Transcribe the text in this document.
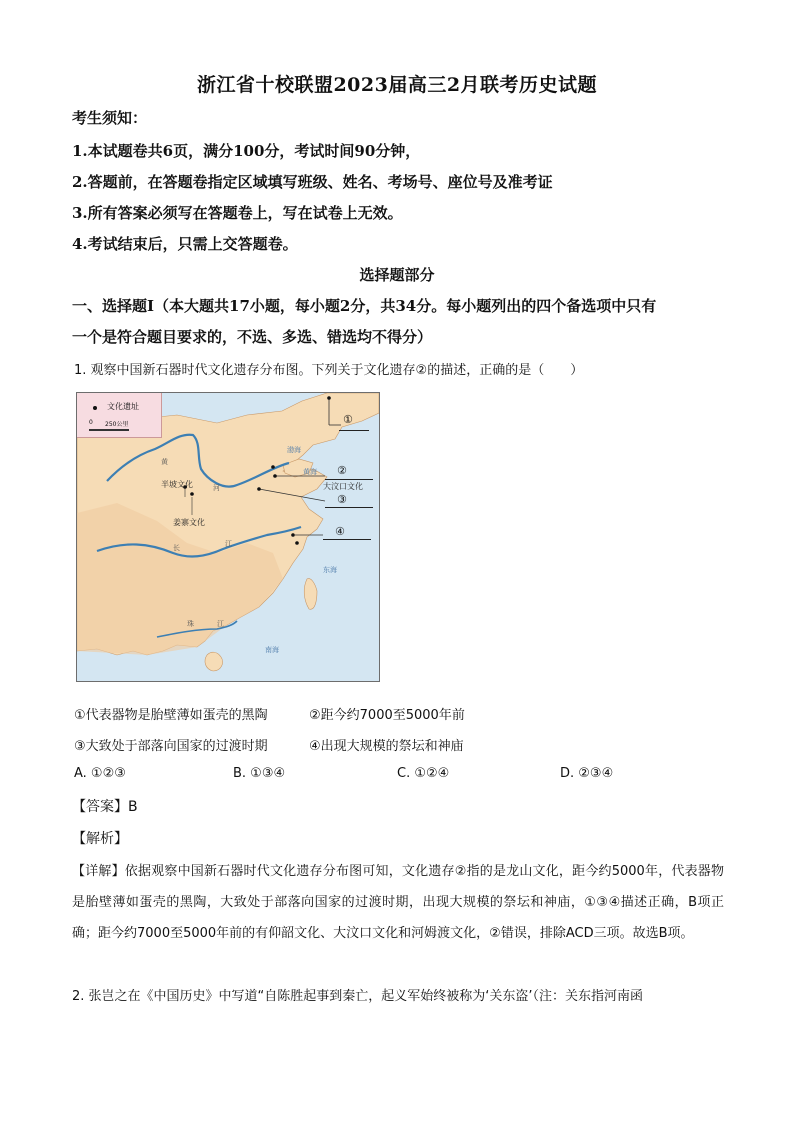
浙江省十校联盟2023届高三2月联考历史试题
考生须知：
1.本试题卷共6页，满分100分，考试时间90分钟，
2.答题前，在答题卷指定区域填写班级、姓名、考场号、座位号及准考证
3.所有答案必须写在答题卷上，写在试卷上无效。
4.考试结束后，只需上交答题卷。
选择题部分
一、选择题Ⅰ（本大题共17小题，每小题2分，共34分。每小题列出的四个备选项中只有
一个是符合题目要求的，不选、多选、错选均不得分）
1. 观察中国新石器时代文化遗存分布图。下列关于文化遗存②的描述，正确的是（　　）
文化遗址
0 250公里	①
②
大汶口文化
③
④
半坡文化
姜寨文化
渤海
黄海
东海
南海
黄
河
长	江
珠	江
①代表器物是胎壁薄如蛋壳的黑陶	②距今约7000至5000年前
③大致处于部落向国家的过渡时期	④出现大规模的祭坛和神庙
A. ①②③	B. ①③④	C. ①②④	D. ②③④
【答案】B
【解析】
【详解】依据观察中国新石器时代文化遗存分布图可知，文化遗存②指的是龙山文化，距今约5000年，代表器物是胎壁薄如蛋壳的黑陶，大致处于部落向国家的过渡时期，出现大规模的祭坛和神庙，①③④描述正确，B项正确；距今约7000至5000年前的有仰韶文化、大汶口文化和河姆渡文化，②错误，排除ACD三项。故选B项。
2. 张岂之在《中国历史》中写道“自陈胜起事到秦亡，起义军始终被称为‘关东盗’（注：关东指河南函
